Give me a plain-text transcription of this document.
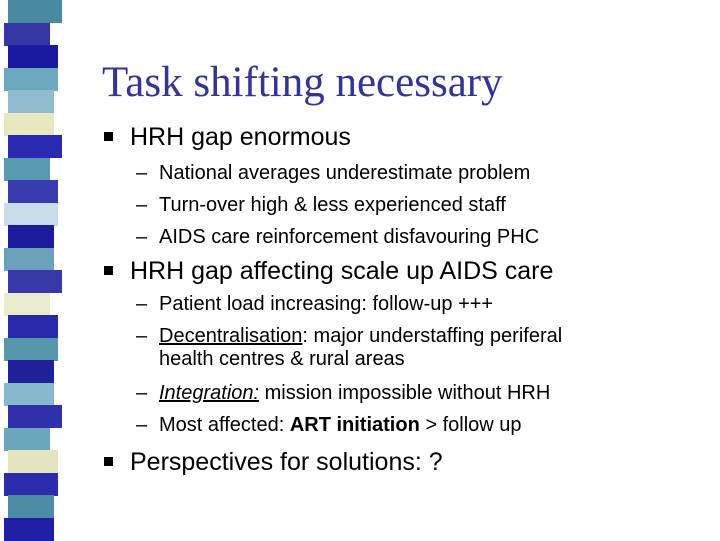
Task shifting necessary
HRH gap enormous
– National averages underestimate problem
– Turn-over high & less experienced staff
– AIDS care reinforcement disfavouring PHC
HRH gap affecting scale up AIDS care
– Patient load increasing: follow-up +++
– Decentralisation: major understaffing periferal
health centres & rural areas
– Integration: mission impossible without HRH
– Most affected: ART initiation > follow up
Perspectives for solutions: ?
